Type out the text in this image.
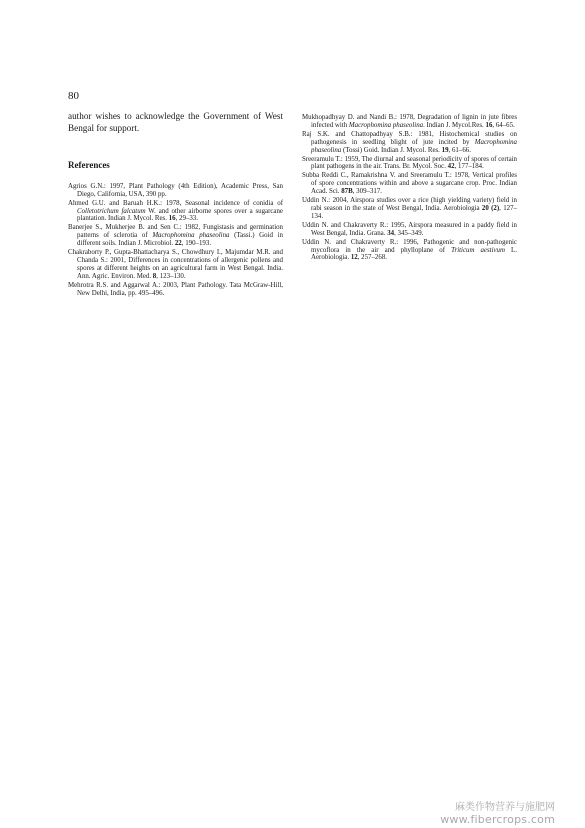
80

author wishes to acknowledge the Government of West Bengal for support.

References

Agrios G.N.: 1997, Plant Pathology (4th Edition), Academic Press, San Diego, California, USA, 390 pp.

Ahmed G.U. and Baruah H.K.: 1978, Seasonal incidence of conidia of Colletotrichum falcatum W. and other airborne spores over a sugarcane plantation. Indian J. Mycol. Res. 16, 29–33.

Banerjee S., Mukherjee B. and Sen C.: 1982, Fungistasis and germination patterns of sclerotia of Macrophomina phaseolina (Tassi.) Goid in different soils. Indian J. Microbiol. 22, 190–193.

Chakraborty P., Gupta-Bhattacharya S., Chowdhury I., Majumdar M.R. and Chanda S.: 2001, Differences in concentrations of allergenic pollens and spores at different heights on an agricultural farm in West Bengal. India. Ann. Agric. Environ. Med. 8, 123–130.

Mehrotra R.S. and Aggarwal A.: 2003, Plant Pathology. Tata McGraw-Hill, New Delhi, India, pp. 495–496.

Mukhopadhyay D. and Nandi B.: 1978, Degradation of lignin in jute fibres infected with Macrophomina phaseolina. Indian J. Mycol.Res. 16, 64–65.

Raj S.K. and Chattopadhyay S.B.: 1981, Histochemical studies on pathogenesis in seedling blight of jute incited by Macrophomina phaseolina (Tossi) Goid. Indian J. Mycol. Res. 19, 61–66.

Sreeramulu T.: 1959, The diurnal and seasonal periodicity of spores of certain plant pathogens in the air. Trans. Br. Mycol. Soc. 42, 177–184.

Subba Reddi C., Ramakrishna V. and Sreeramulu T.: 1978, Vertical profiles of spore concentrations within and above a sugarcane crop. Proc. Indian Acad. Sci. 87B, 309–317.

Uddin N.: 2004, Airspora studies over a rice (high yielding variety) field in rabi season in the state of West Bengal, India. Aerobiologia 20 (2), 127–134.

Uddin N. and Chakraverty R.: 1995, Airspora measured in a paddy field in West Bengal, India. Grana. 34, 345–349.

Uddin N. and Chakraverty R.: 1996, Pathogenic and non-pathogenic mycoflora in the air and phylloplane of Triticum aestivum L. Aerobiologia. 12, 257–268.

麻类作物营养与施肥网
www.fibercrops.com
